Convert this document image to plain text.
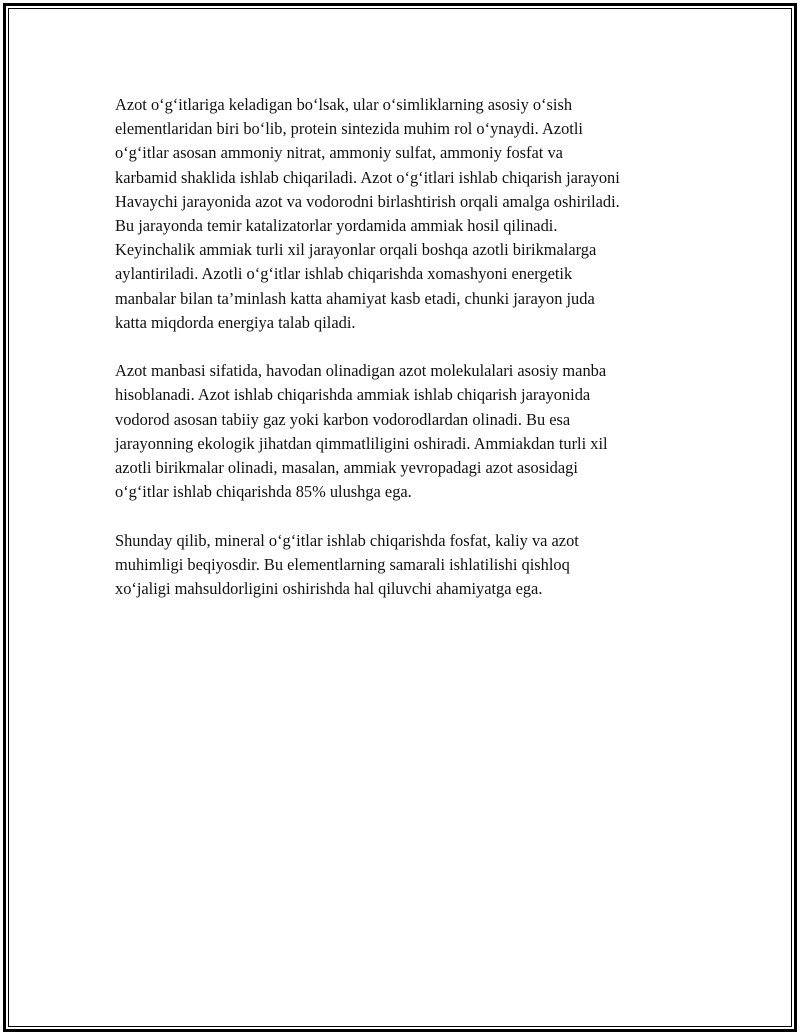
Azot o‘g‘itlariga keladigan bo‘lsak, ular o‘simliklarning asosiy o‘sish
elementlaridan biri bo‘lib, protein sintezida muhim rol o‘ynaydi. Azotli
o‘g‘itlar asosan ammoniy nitrat, ammoniy sulfat, ammoniy fosfat va
karbamid shaklida ishlab chiqariladi. Azot o‘g‘itlari ishlab chiqarish jarayoni
Havaychi jarayonida azot va vodorodni birlashtirish orqali amalga oshiriladi.
Bu jarayonda temir katalizatorlar yordamida ammiak hosil qilinadi.
Keyinchalik ammiak turli xil jarayonlar orqali boshqa azotli birikmalarga
aylantiriladi. Azotli o‘g‘itlar ishlab chiqarishda xomashyoni energetik
manbalar bilan ta’minlash katta ahamiyat kasb etadi, chunki jarayon juda
katta miqdorda energiya talab qiladi.

Azot manbasi sifatida, havodan olinadigan azot molekulalari asosiy manba
hisoblanadi. Azot ishlab chiqarishda ammiak ishlab chiqarish jarayonida
vodorod asosan tabiiy gaz yoki karbon vodorodlardan olinadi. Bu esa
jarayonning ekologik jihatdan qimmatliligini oshiradi. Ammiakdan turli xil
azotli birikmalar olinadi, masalan, ammiak yevropadagi azot asosidagi
o‘g‘itlar ishlab chiqarishda 85% ulushga ega.

Shunday qilib, mineral o‘g‘itlar ishlab chiqarishda fosfat, kaliy va azot
muhimligi beqiyosdir. Bu elementlarning samarali ishlatilishi qishloq
xo‘jaligi mahsuldorligini oshirishda hal qiluvchi ahamiyatga ega.
